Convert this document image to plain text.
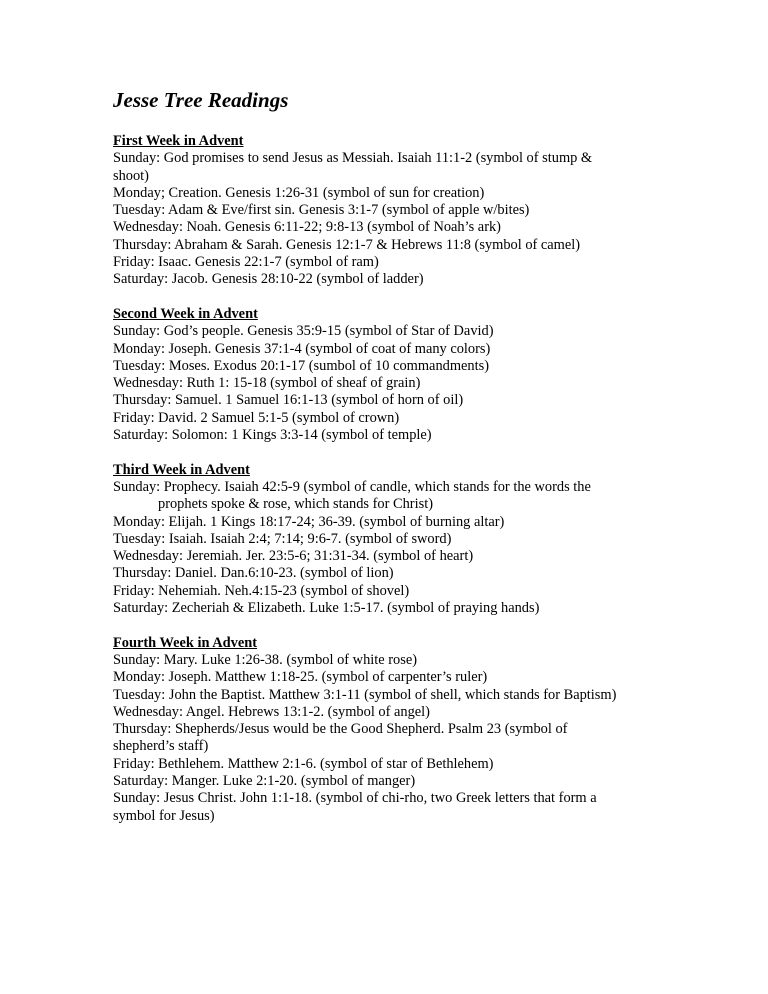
Jesse Tree Readings
First Week in Advent
Sunday: God promises to send Jesus as Messiah. Isaiah 11:1-2 (symbol of stump &
shoot)
Monday; Creation. Genesis 1:26-31 (symbol of sun for creation)
Tuesday: Adam & Eve/first sin. Genesis 3:1-7 (symbol of apple w/bites)
Wednesday: Noah. Genesis 6:11-22; 9:8-13 (symbol of Noah’s ark)
Thursday: Abraham & Sarah. Genesis 12:1-7 & Hebrews 11:8 (symbol of camel)
Friday: Isaac. Genesis 22:1-7 (symbol of ram)
Saturday: Jacob. Genesis 28:10-22 (symbol of ladder)
Second Week in Advent
Sunday: God’s people. Genesis 35:9-15 (symbol of Star of David)
Monday: Joseph. Genesis 37:1-4 (symbol of coat of many colors)
Tuesday: Moses. Exodus 20:1-17 (sumbol of 10 commandments)
Wednesday: Ruth 1: 15-18 (symbol of sheaf of grain)
Thursday: Samuel. 1 Samuel 16:1-13 (symbol of horn of oil)
Friday: David. 2 Samuel 5:1-5 (symbol of crown)
Saturday: Solomon: 1 Kings 3:3-14 (symbol of temple)
Third Week in Advent
Sunday: Prophecy. Isaiah 42:5-9 (symbol of candle, which stands for the words the
prophets spoke & rose, which stands for Christ)
Monday: Elijah. 1 Kings 18:17-24; 36-39. (symbol of burning altar)
Tuesday: Isaiah. Isaiah 2:4; 7:14; 9:6-7. (symbol of sword)
Wednesday: Jeremiah. Jer. 23:5-6; 31:31-34. (symbol of heart)
Thursday: Daniel. Dan.6:10-23. (symbol of lion)
Friday: Nehemiah. Neh.4:15-23 (symbol of shovel)
Saturday: Zecheriah & Elizabeth. Luke 1:5-17. (symbol of praying hands)
Fourth Week in Advent
Sunday: Mary. Luke 1:26-38. (symbol of white rose)
Monday: Joseph. Matthew 1:18-25. (symbol of carpenter’s ruler)
Tuesday: John the Baptist. Matthew 3:1-11 (symbol of shell, which stands for Baptism)
Wednesday: Angel. Hebrews 13:1-2. (symbol of angel)
Thursday: Shepherds/Jesus would be the Good Shepherd. Psalm 23 (symbol of
shepherd’s staff)
Friday: Bethlehem. Matthew 2:1-6. (symbol of star of Bethlehem)
Saturday: Manger. Luke 2:1-20. (symbol of manger)
Sunday: Jesus Christ. John 1:1-18. (symbol of chi-rho, two Greek letters that form a
symbol for Jesus)
